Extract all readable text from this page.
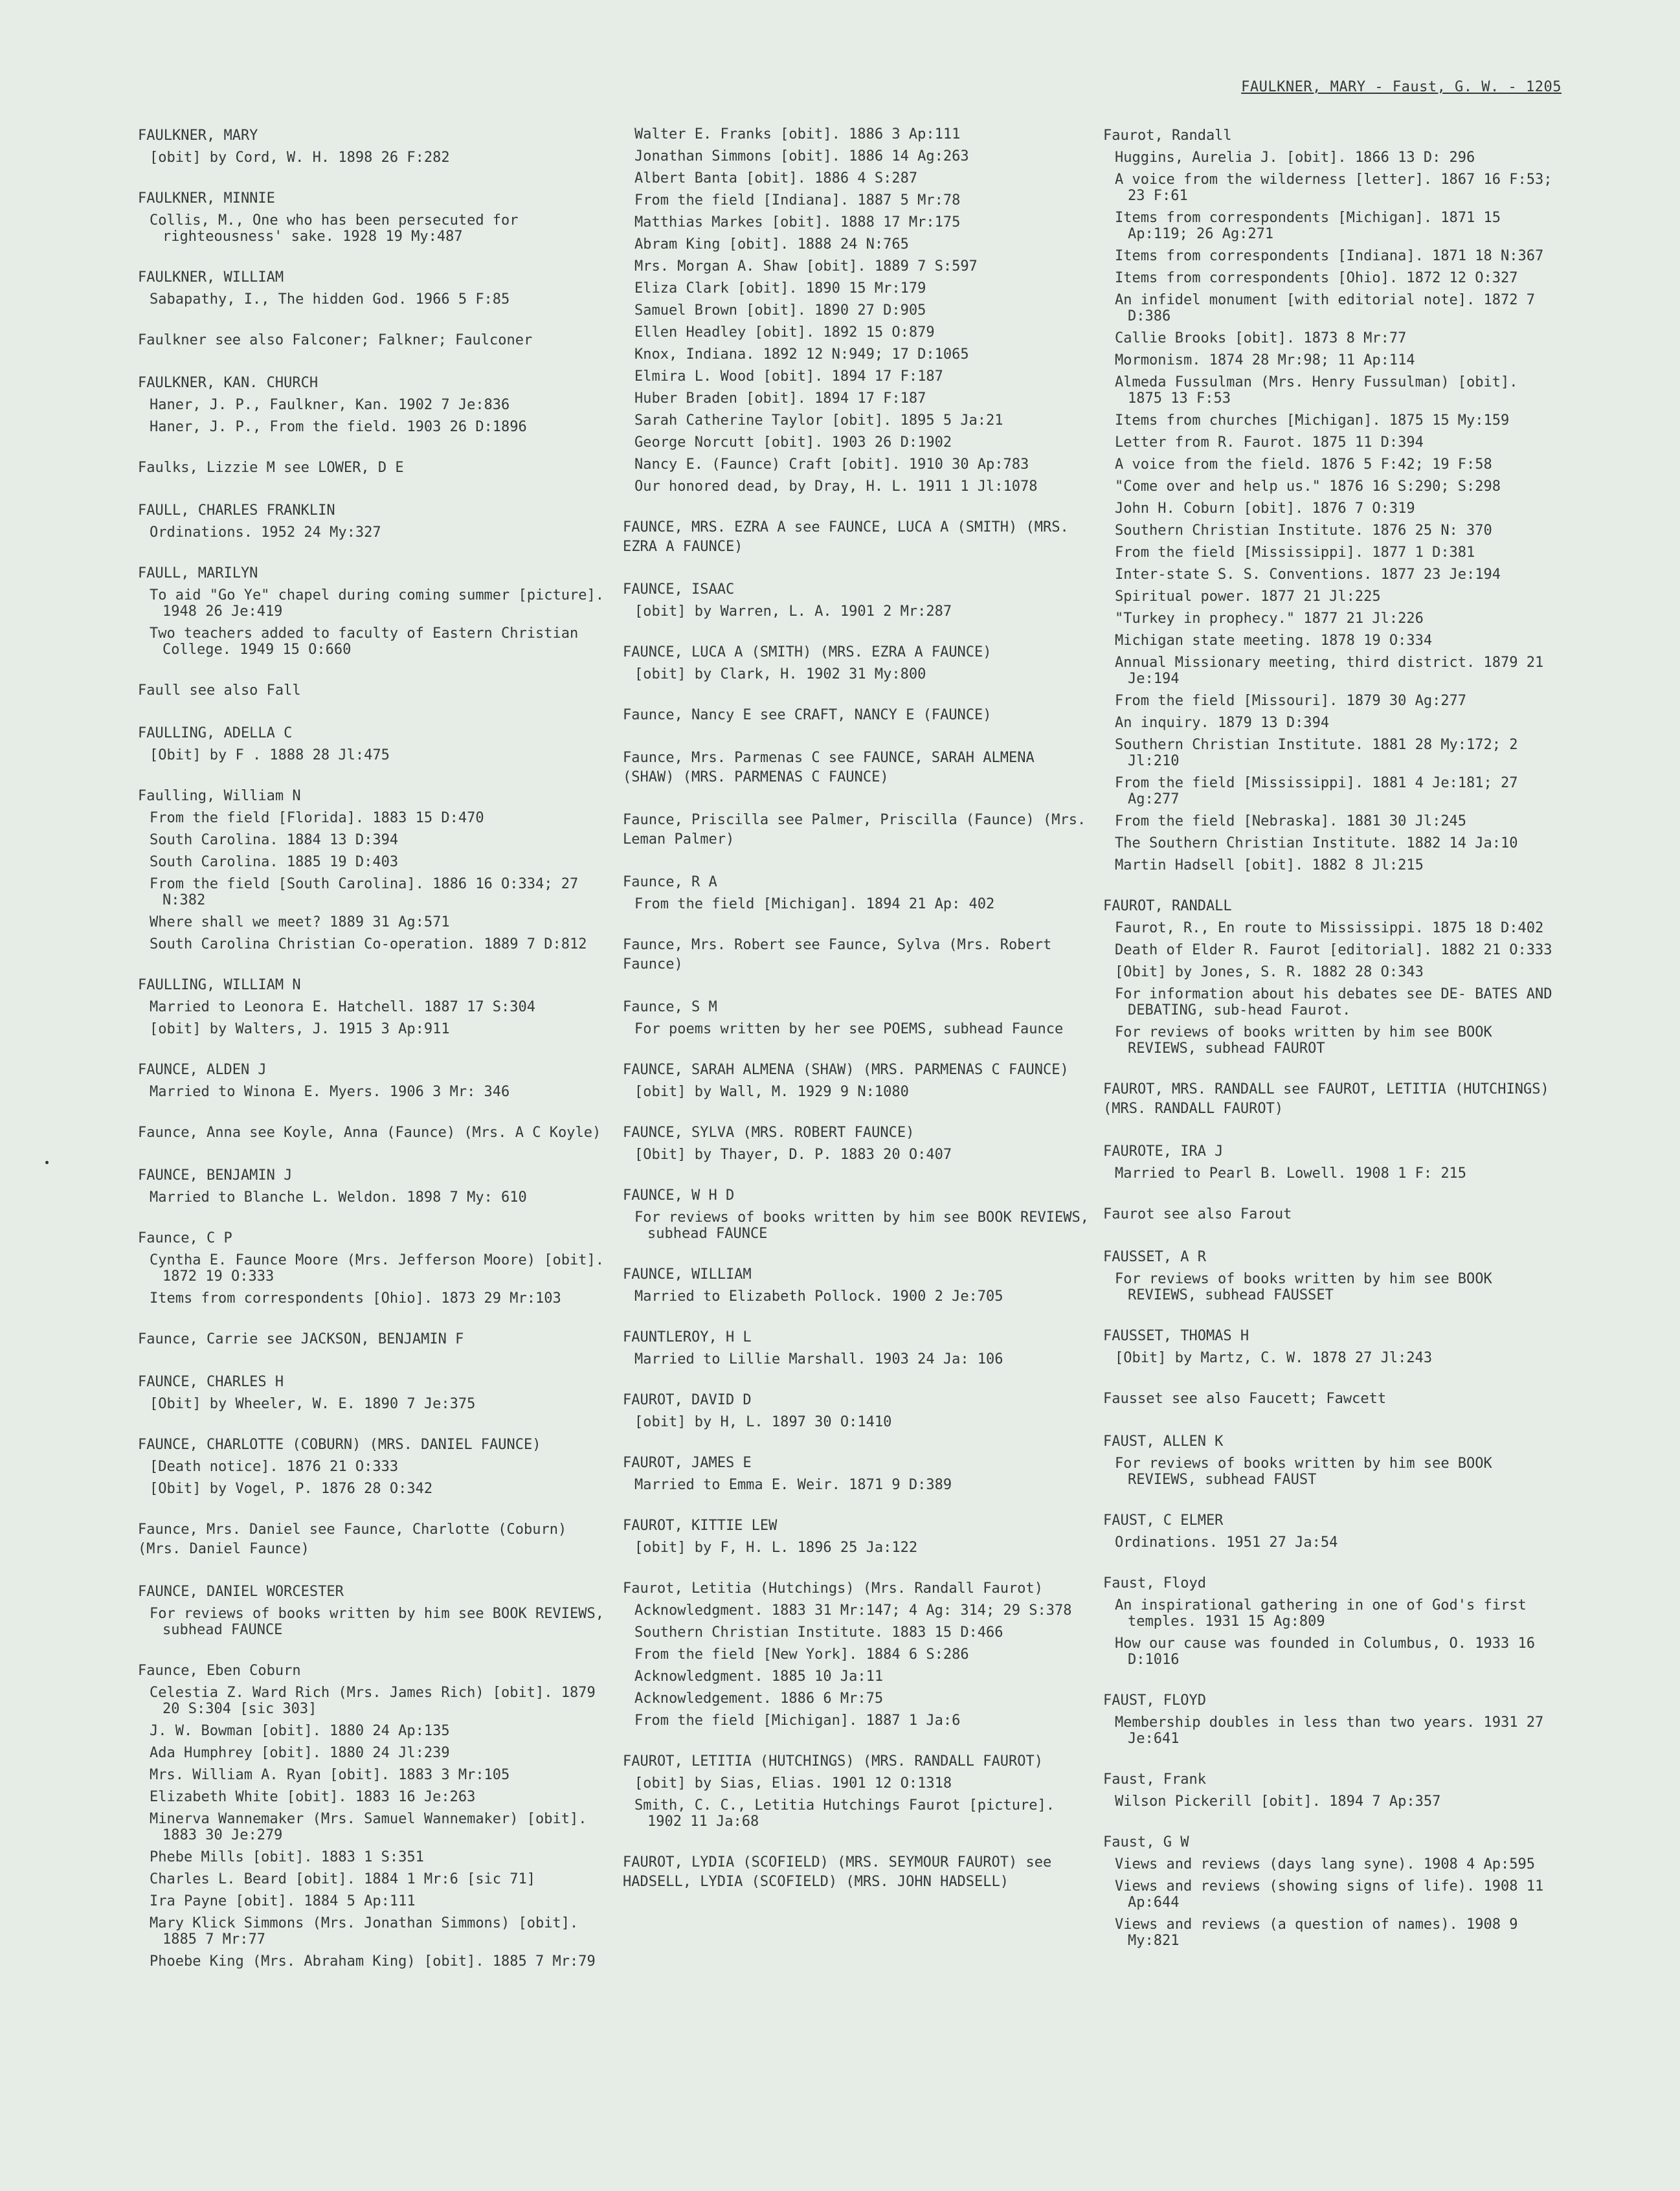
FAULKNER, MARY - Faust, G. W. - 1205
FAULKNER, MARY
[obit] by Cord, W. H. 1898 26 F:282
FAULKNER, MINNIE
Collis, M., One who has been persecuted for righteousness' sake. 1928 19 My:487
FAULKNER, WILLIAM
Sabapathy, I., The hidden God. 1966 5 F:85
Faulkner see also Falconer; Falkner; Faulconer
FAULKNER, KAN. CHURCH
Haner, J. P., Faulkner, Kan. 1902 7 Je:836
Haner, J. P., From the field. 1903 26 D:1896
Faulks, Lizzie M see LOWER, D E
FAULL, CHARLES FRANKLIN
Ordinations. 1952 24 My:327
FAULL, MARILYN
To aid "Go Ye" chapel during coming summer [picture]. 1948 26 Je:419
Two teachers added to faculty of Eastern Christian College. 1949 15 O:660
Faull see also Fall
FAULLING, ADELLA C
[Obit] by F . 1888 28 Jl:475
Faulling, William N
From the field [Florida]. 1883 15 D:470
South Carolina. 1884 13 D:394
South Carolina. 1885 19 D:403
From the field [South Carolina]. 1886 16 O:334; 27 N:382
Where shall we meet? 1889 31 Ag:571
South Carolina Christian Co-operation. 1889 7 D:812
FAULLING, WILLIAM N
Married to Leonora E. Hatchell. 1887 17 S:304
[obit] by Walters, J. 1915 3 Ap:911
FAUNCE, ALDEN J
Married to Winona E. Myers. 1906 3 Mr: 346
Faunce, Anna see Koyle, Anna (Faunce) (Mrs. A C Koyle)
FAUNCE, BENJAMIN J
Married to Blanche L. Weldon. 1898 7 My: 610
Faunce, C P
Cyntha E. Faunce Moore (Mrs. Jefferson Moore) [obit]. 1872 19 O:333
Items from correspondents [Ohio]. 1873 29 Mr:103
Faunce, Carrie see JACKSON, BENJAMIN F
FAUNCE, CHARLES H
[Obit] by Wheeler, W. E. 1890 7 Je:375
FAUNCE, CHARLOTTE (COBURN) (MRS. DANIEL FAUNCE)
[Death notice]. 1876 21 O:333
[Obit] by Vogel, P. 1876 28 O:342
Faunce, Mrs. Daniel see Faunce, Charlotte (Coburn) (Mrs. Daniel Faunce)
FAUNCE, DANIEL WORCESTER
For reviews of books written by him see BOOK REVIEWS, subhead FAUNCE
Faunce, Eben Coburn
Celestia Z. Ward Rich (Mrs. James Rich) [obit]. 1879 20 S:304 [sic 303]
J. W. Bowman [obit]. 1880 24 Ap:135
Ada Humphrey [obit]. 1880 24 Jl:239
Mrs. William A. Ryan [obit]. 1883 3 Mr:105
Elizabeth White [obit]. 1883 16 Je:263
Minerva Wannemaker (Mrs. Samuel Wannemaker) [obit]. 1883 30 Je:279
Phebe Mills [obit]. 1883 1 S:351
Charles L. Beard [obit]. 1884 1 Mr:6 [sic 71]
Ira Payne [obit]. 1884 5 Ap:111
Mary Klick Simmons (Mrs. Jonathan Simmons) [obit]. 1885 7 Mr:77
Phoebe King (Mrs. Abraham King) [obit]. 1885 7 Mr:79
Walter E. Franks [obit]. 1886 3 Ap:111
Jonathan Simmons [obit]. 1886 14 Ag:263
Albert Banta [obit]. 1886 4 S:287
From the field [Indiana]. 1887 5 Mr:78
Matthias Markes [obit]. 1888 17 Mr:175
Abram King [obit]. 1888 24 N:765
Mrs. Morgan A. Shaw [obit]. 1889 7 S:597
Eliza Clark [obit]. 1890 15 Mr:179
Samuel Brown [obit]. 1890 27 D:905
Ellen Headley [obit]. 1892 15 O:879
Knox, Indiana. 1892 12 N:949; 17 D:1065
Elmira L. Wood [obit]. 1894 17 F:187
Huber Braden [obit]. 1894 17 F:187
Sarah Catherine Taylor [obit]. 1895 5 Ja:21
George Norcutt [obit]. 1903 26 D:1902
Nancy E. (Faunce) Craft [obit]. 1910 30 Ap:783
Our honored dead, by Dray, H. L. 1911 1 Jl:1078
FAUNCE, MRS. EZRA A see FAUNCE, LUCA A (SMITH) (MRS. EZRA A FAUNCE)
FAUNCE, ISAAC
[obit] by Warren, L. A. 1901 2 Mr:287
FAUNCE, LUCA A (SMITH) (MRS. EZRA A FAUNCE)
[obit] by Clark, H. 1902 31 My:800
Faunce, Nancy E see CRAFT, NANCY E (FAUNCE)
Faunce, Mrs. Parmenas C see FAUNCE, SARAH ALMENA (SHAW) (MRS. PARMENAS C FAUNCE)
Faunce, Priscilla see Palmer, Priscilla (Faunce) (Mrs. Leman Palmer)
Faunce, R A
From the field [Michigan]. 1894 21 Ap: 402
Faunce, Mrs. Robert see Faunce, Sylva (Mrs. Robert Faunce)
Faunce, S M
For poems written by her see POEMS, subhead Faunce
FAUNCE, SARAH ALMENA (SHAW) (MRS. PARMENAS C FAUNCE)
[obit] by Wall, M. 1929 9 N:1080
FAUNCE, SYLVA (MRS. ROBERT FAUNCE)
[Obit] by Thayer, D. P. 1883 20 O:407
FAUNCE, W H D
For reviews of books written by him see BOOK REVIEWS, subhead FAUNCE
FAUNCE, WILLIAM
Married to Elizabeth Pollock. 1900 2 Je:705
FAUNTLEROY, H L
Married to Lillie Marshall. 1903 24 Ja: 106
FAUROT, DAVID D
[obit] by H, L. 1897 30 O:1410
FAUROT, JAMES E
Married to Emma E. Weir. 1871 9 D:389
FAUROT, KITTIE LEW
[obit] by F, H. L. 1896 25 Ja:122
Faurot, Letitia (Hutchings) (Mrs. Randall Faurot)
Acknowledgment. 1883 31 Mr:147; 4 Ag: 314; 29 S:378
Southern Christian Institute. 1883 15 D:466
From the field [New York]. 1884 6 S:286
Acknowledgment. 1885 10 Ja:11
Acknowledgement. 1886 6 Mr:75
From the field [Michigan]. 1887 1 Ja:6
FAUROT, LETITIA (HUTCHINGS) (MRS. RANDALL FAUROT)
[obit] by Sias, Elias. 1901 12 O:1318
Smith, C. C., Letitia Hutchings Faurot [picture]. 1902 11 Ja:68
FAUROT, LYDIA (SCOFIELD) (MRS. SEYMOUR FAUROT) see HADSELL, LYDIA (SCOFIELD) (MRS. JOHN HADSELL)
Faurot, Randall
Huggins, Aurelia J. [obit]. 1866 13 D: 296
A voice from the wilderness [letter]. 1867 16 F:53; 23 F:61
Items from correspondents [Michigan]. 1871 15 Ap:119; 26 Ag:271
Items from correspondents [Indiana]. 1871 18 N:367
Items from correspondents [Ohio]. 1872 12 O:327
An infidel monument [with editorial note]. 1872 7 D:386
Callie Brooks [obit]. 1873 8 Mr:77
Mormonism. 1874 28 Mr:98; 11 Ap:114
Almeda Fussulman (Mrs. Henry Fussulman) [obit]. 1875 13 F:53
Items from churches [Michigan]. 1875 15 My:159
Letter from R. Faurot. 1875 11 D:394
A voice from the field. 1876 5 F:42; 19 F:58
"Come over and help us." 1876 16 S:290; S:298
John H. Coburn [obit]. 1876 7 O:319
Southern Christian Institute. 1876 25 N: 370
From the field [Mississippi]. 1877 1 D:381
Inter-state S. S. Conventions. 1877 23 Je:194
Spiritual power. 1877 21 Jl:225
"Turkey in prophecy." 1877 21 Jl:226
Michigan state meeting. 1878 19 O:334
Annual Missionary meeting, third district. 1879 21 Je:194
From the field [Missouri]. 1879 30 Ag:277
An inquiry. 1879 13 D:394
Southern Christian Institute. 1881 28 My:172; 2 Jl:210
From the field [Mississippi]. 1881 4 Je:181; 27 Ag:277
From the field [Nebraska]. 1881 30 Jl:245
The Southern Christian Institute. 1882 14 Ja:10
Martin Hadsell [obit]. 1882 8 Jl:215
FAUROT, RANDALL
Faurot, R., En route to Mississippi. 1875 18 D:402
Death of Elder R. Faurot [editorial]. 1882 21 O:333
[Obit] by Jones, S. R. 1882 28 O:343
For information about his debates see DE- BATES AND DEBATING, sub-head Faurot.
For reviews of books written by him see BOOK REVIEWS, subhead FAUROT
FAUROT, MRS. RANDALL see FAUROT, LETITIA (HUTCHINGS) (MRS. RANDALL FAUROT)
FAUROTE, IRA J
Married to Pearl B. Lowell. 1908 1 F: 215
Faurot see also Farout
FAUSSET, A R
For reviews of books written by him see BOOK REVIEWS, subhead FAUSSET
FAUSSET, THOMAS H
[Obit] by Martz, C. W. 1878 27 Jl:243
Fausset see also Faucett; Fawcett
FAUST, ALLEN K
For reviews of books written by him see BOOK REVIEWS, subhead FAUST
FAUST, C ELMER
Ordinations. 1951 27 Ja:54
Faust, Floyd
An inspirational gathering in one of God's first temples. 1931 15 Ag:809
How our cause was founded in Columbus, O. 1933 16 D:1016
FAUST, FLOYD
Membership doubles in less than two years. 1931 27 Je:641
Faust, Frank
Wilson Pickerill [obit]. 1894 7 Ap:357
Faust, G W
Views and reviews (days lang syne). 1908 4 Ap:595
Views and reviews (showing signs of life). 1908 11 Ap:644
Views and reviews (a question of names). 1908 9 My:821
